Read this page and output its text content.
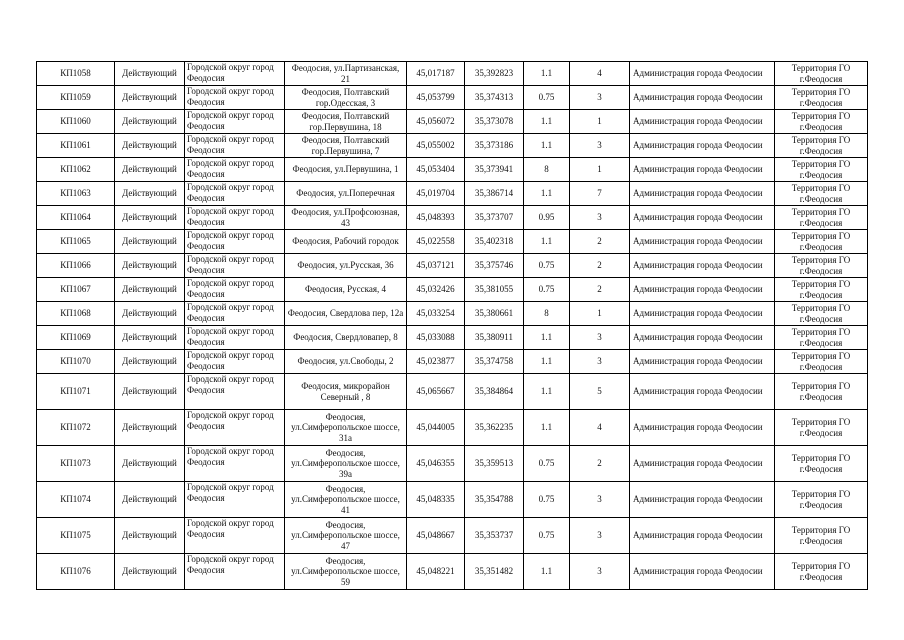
КП1058	Действующий	Городской округ город Феодосия	Феодосия, ул.Партизанская, 21	45,017187	35,392823	1.1	4	Администрация города Феодосии	Территория ГО г.Феодосия
КП1059	Действующий	Городской округ город Феодосия	Феодосия, Полтавский гор.Одесская, 3	45,053799	35,374313	0.75	3	Администрация города Феодосии	Территория ГО г.Феодосия
КП1060	Действующий	Городской округ город Феодосия	Феодосия, Полтавский гор.Первушина, 18	45,056072	35,373078	1.1	1	Администрация города Феодосии	Территория ГО г.Феодосия
КП1061	Действующий	Городской округ город Феодосия	Феодосия, Полтавский гор.Первушина, 7	45,055002	35,373186	1.1	3	Администрация города Феодосии	Территория ГО г.Феодосия
КП1062	Действующий	Городской округ город Феодосия	Феодосия, ул.Первушина, 1	45,053404	35,373941	8	1	Администрация города Феодосии	Территория ГО г.Феодосия
КП1063	Действующий	Городской округ город Феодосия	Феодосия, ул.Поперечная	45,019704	35,386714	1.1	7	Администрация города Феодосии	Территория ГО г.Феодосия
КП1064	Действующий	Городской округ город Феодосия	Феодосия, ул.Профсоюзная, 43	45,048393	35,373707	0.95	3	Администрация города Феодосии	Территория ГО г.Феодосия
КП1065	Действующий	Городской округ город Феодосия	Феодосия, Рабочий городок	45,022558	35,402318	1.1	2	Администрация города Феодосии	Территория ГО г.Феодосия
КП1066	Действующий	Городской округ город Феодосия	Феодосия, ул.Русская, 36	45,037121	35,375746	0.75	2	Администрация города Феодосии	Территория ГО г.Феодосия
КП1067	Действующий	Городской округ город Феодосия	Феодосия, Русская, 4	45,032426	35,381055	0.75	2	Администрация города Феодосии	Территория ГО г.Феодосия
КП1068	Действующий	Городской округ город Феодосия	Феодосия, Свердлова пер, 12а	45,033254	35,380661	8	1	Администрация города Феодосии	Территория ГО г.Феодосия
КП1069	Действующий	Городской округ город Феодосия	Феодосия, Свердловапер, 8	45,033088	35,380911	1.1	3	Администрация города Феодосии	Территория ГО г.Феодосия
КП1070	Действующий	Городской округ город Феодосия	Феодосия, ул.Свободы, 2	45,023877	35,374758	1.1	3	Администрация города Феодосии	Территория ГО г.Феодосия
КП1071	Действующий	Городской округ город Феодосия	Феодосия, микрорайон Северный , 8	45,065667	35,384864	1.1	5	Администрация города Феодосии	Территория ГО г.Феодосия
КП1072	Действующий	Городской округ город Феодосия	Феодосия, ул.Симферопольское шоссе, 31а	45,044005	35,362235	1.1	4	Администрация города Феодосии	Территория ГО г.Феодосия
КП1073	Действующий	Городской округ город Феодосия	Феодосия, ул.Симферопольское шоссе, 39а	45,046355	35,359513	0.75	2	Администрация города Феодосии	Территория ГО г.Феодосия
КП1074	Действующий	Городской округ город Феодосия	Феодосия, ул.Симферопольское шоссе, 41	45,048335	35,354788	0.75	3	Администрация города Феодосии	Территория ГО г.Феодосия
КП1075	Действующий	Городской округ город Феодосия	Феодосия, ул.Симферопольское шоссе, 47	45,048667	35,353737	0.75	3	Администрация города Феодосии	Территория ГО г.Феодосия
КП1076	Действующий	Городской округ город Феодосия	Феодосия, ул.Симферопольское шоссе, 59	45,048221	35,351482	1.1	3	Администрация города Феодосии	Территория ГО г.Феодосия
